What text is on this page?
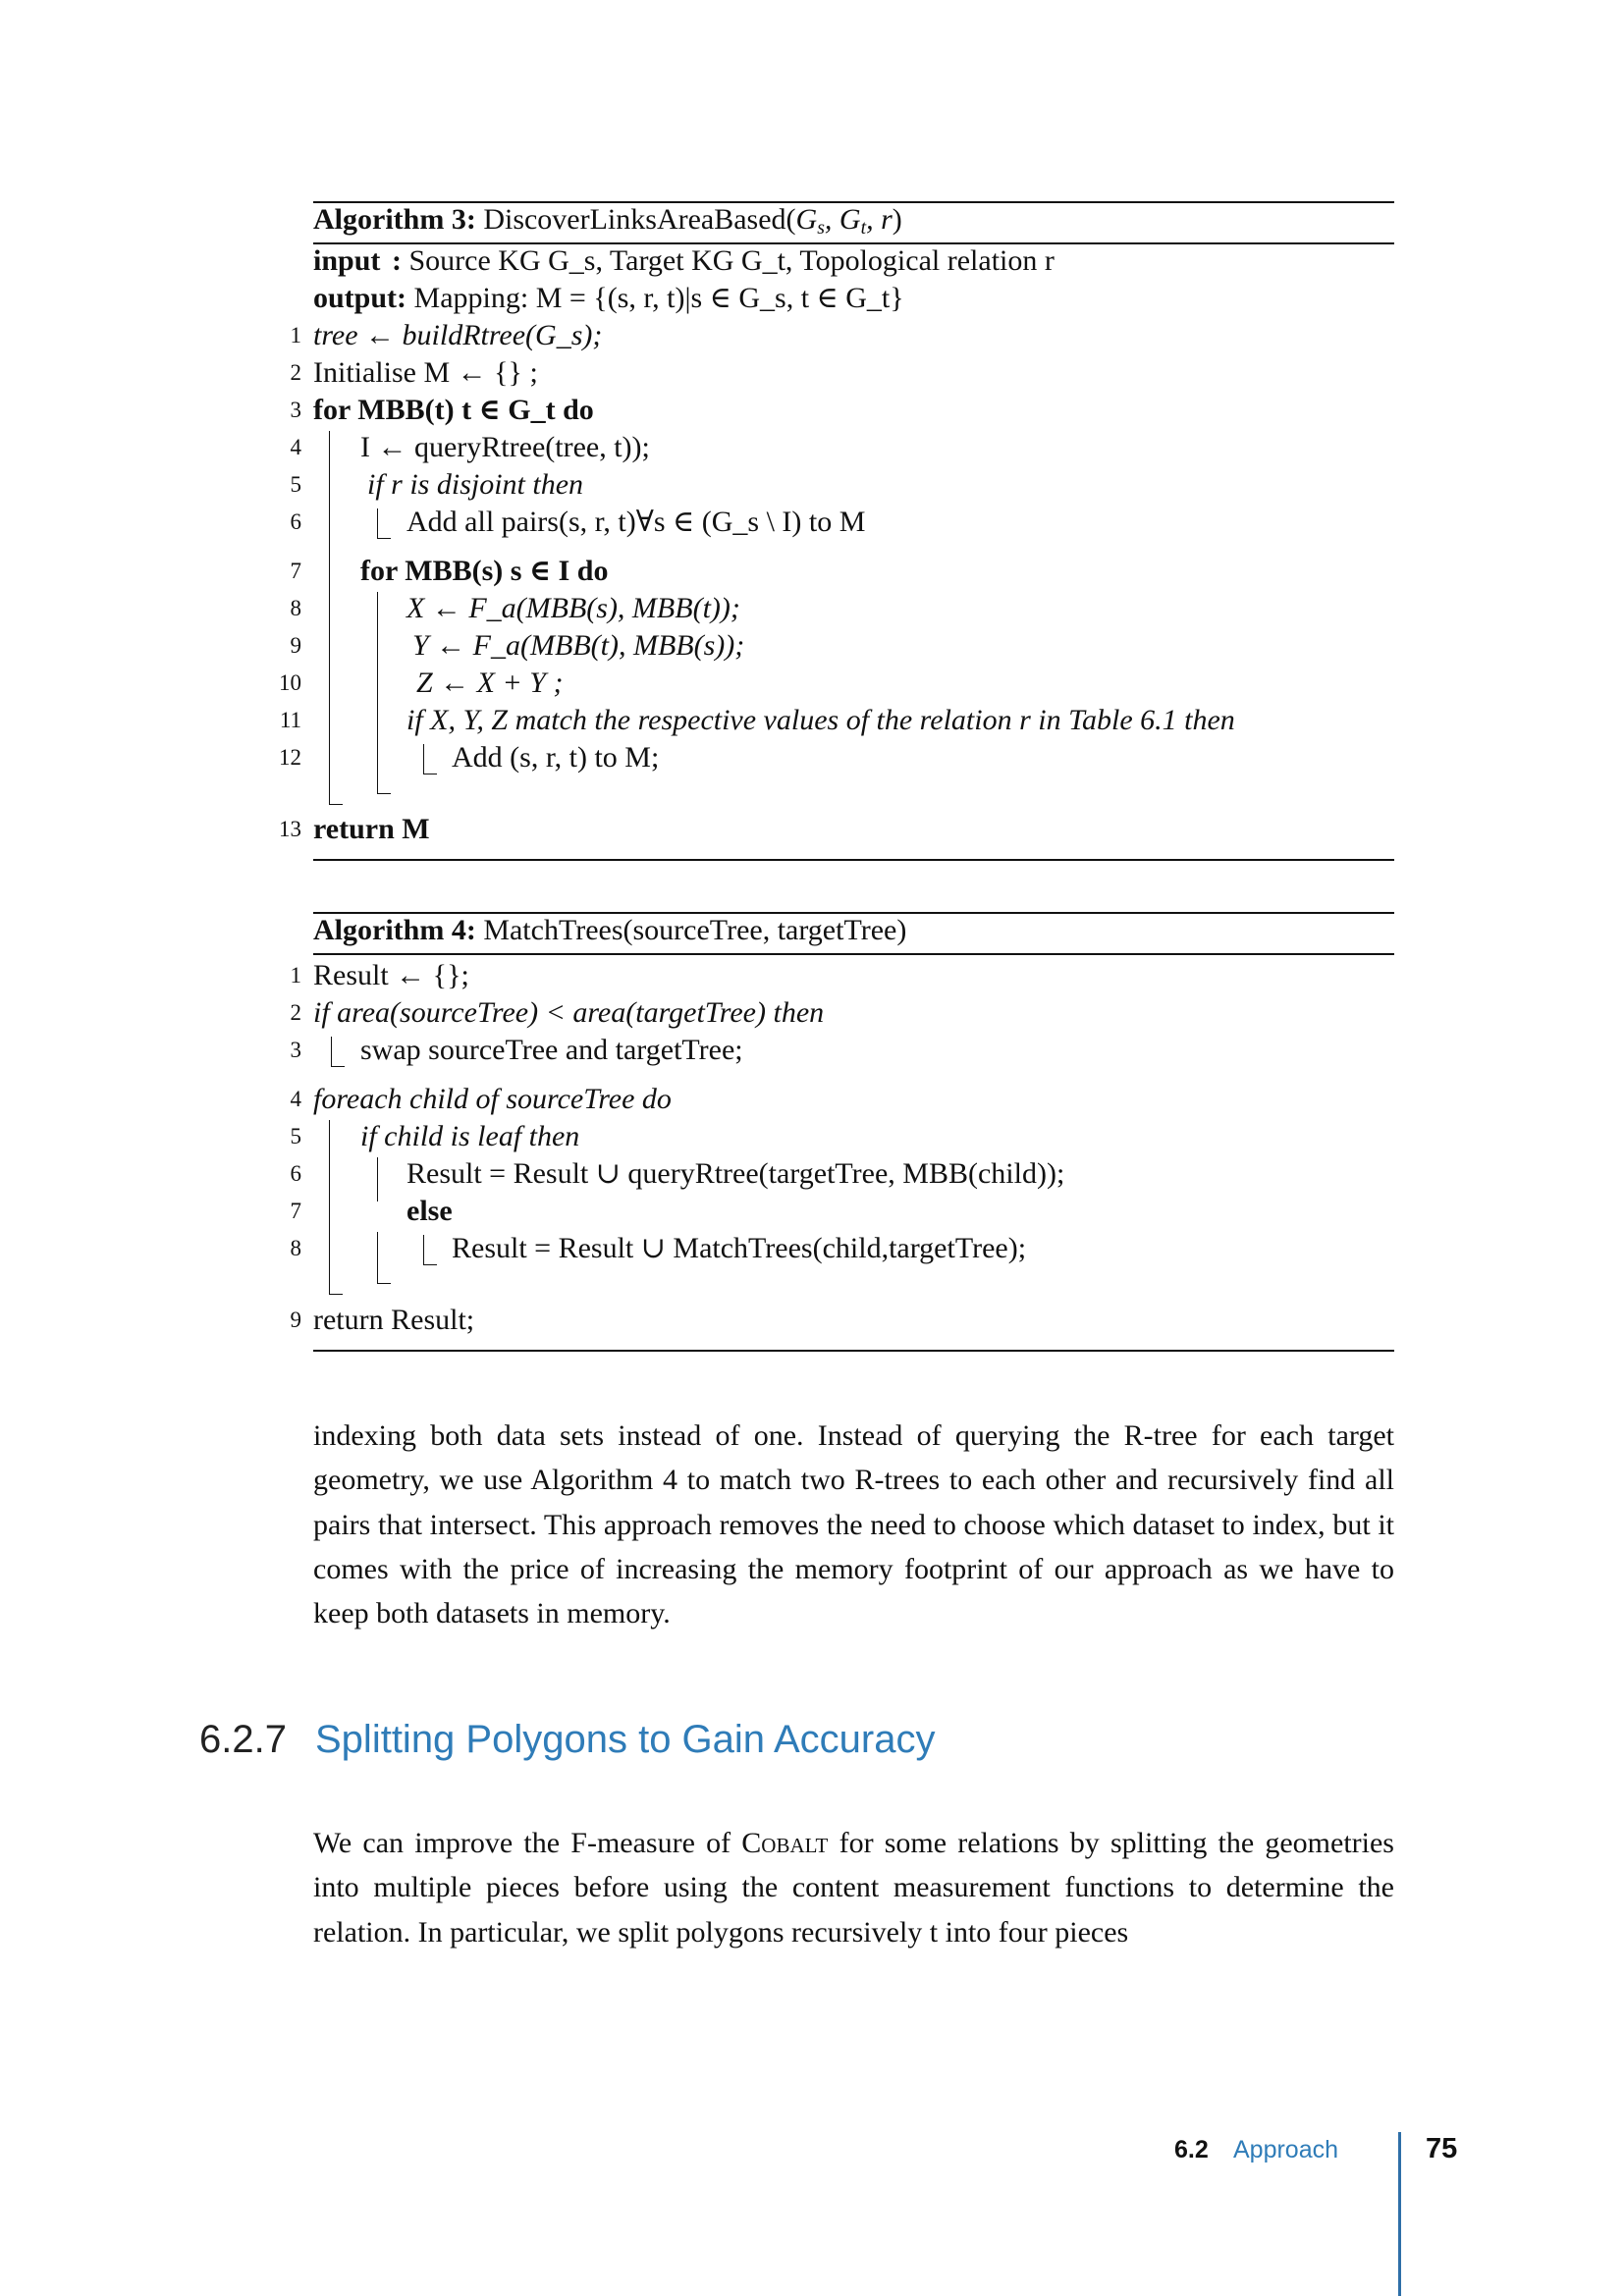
Algorithm 3: $DiscoverLinksAreaBased(G_s$, $G_t$, r)
input : Source KG G_s, Target KG G_t, Topological relation r
output: Mapping: M = {(s, r, t)|s ∈ G_s, t ∈ G_t}
1 tree ← buildRtree(G_s);
2 Initialise M ← {} ;
3 for MBB(t) t ∈ G_t do
4 I ← queryRtree(tree, t));
5 if r is disjoint then
6	Add all pairs(s, r, t)∀s ∈ (G_s \ I) to M
7 for MBB(s) s ∈ I do
8	X ← F_a(MBB(s), MBB(t));
9	Y ← F_a(MBB(t), MBB(s));
10	Z ← X + Y ;
11	if X, Y, Z match the respective values of the relation r in Table 6.1 then
12	Add (s, r, t) to M;
13 return M
Algorithm 4: MatchTrees(sourceTree, targetTree)
1 Result ← {};
2 if area(sourceTree) < area(targetTree) then
3 swap sourceTree and targetTree;
4 foreach child of sourceTree do
5 if child is leaf then
6	Result = Result ∪ queryRtree(targetTree, MBB(child));
7	else
8	Result = Result ∪ MatchTrees(child,targetTree);
9 return Result;

indexing both data sets instead of one. Instead of querying the R-tree for each target geometry, we use Algorithm 4 to match two R-trees to each other and recursively find all pairs that intersect. This approach removes the need to choose which dataset to index, but it comes with the price of increasing the memory footprint of our approach as we have to keep both datasets in memory.

6.2.7 Splitting Polygons to Gain Accuracy

We can improve the F-measure of Cobalt for some relations by splitting the geometries into multiple pieces before using the content measurement functions to determine the relation. In particular, we split polygons recursively t into four pieces

6.2 Approach	75
